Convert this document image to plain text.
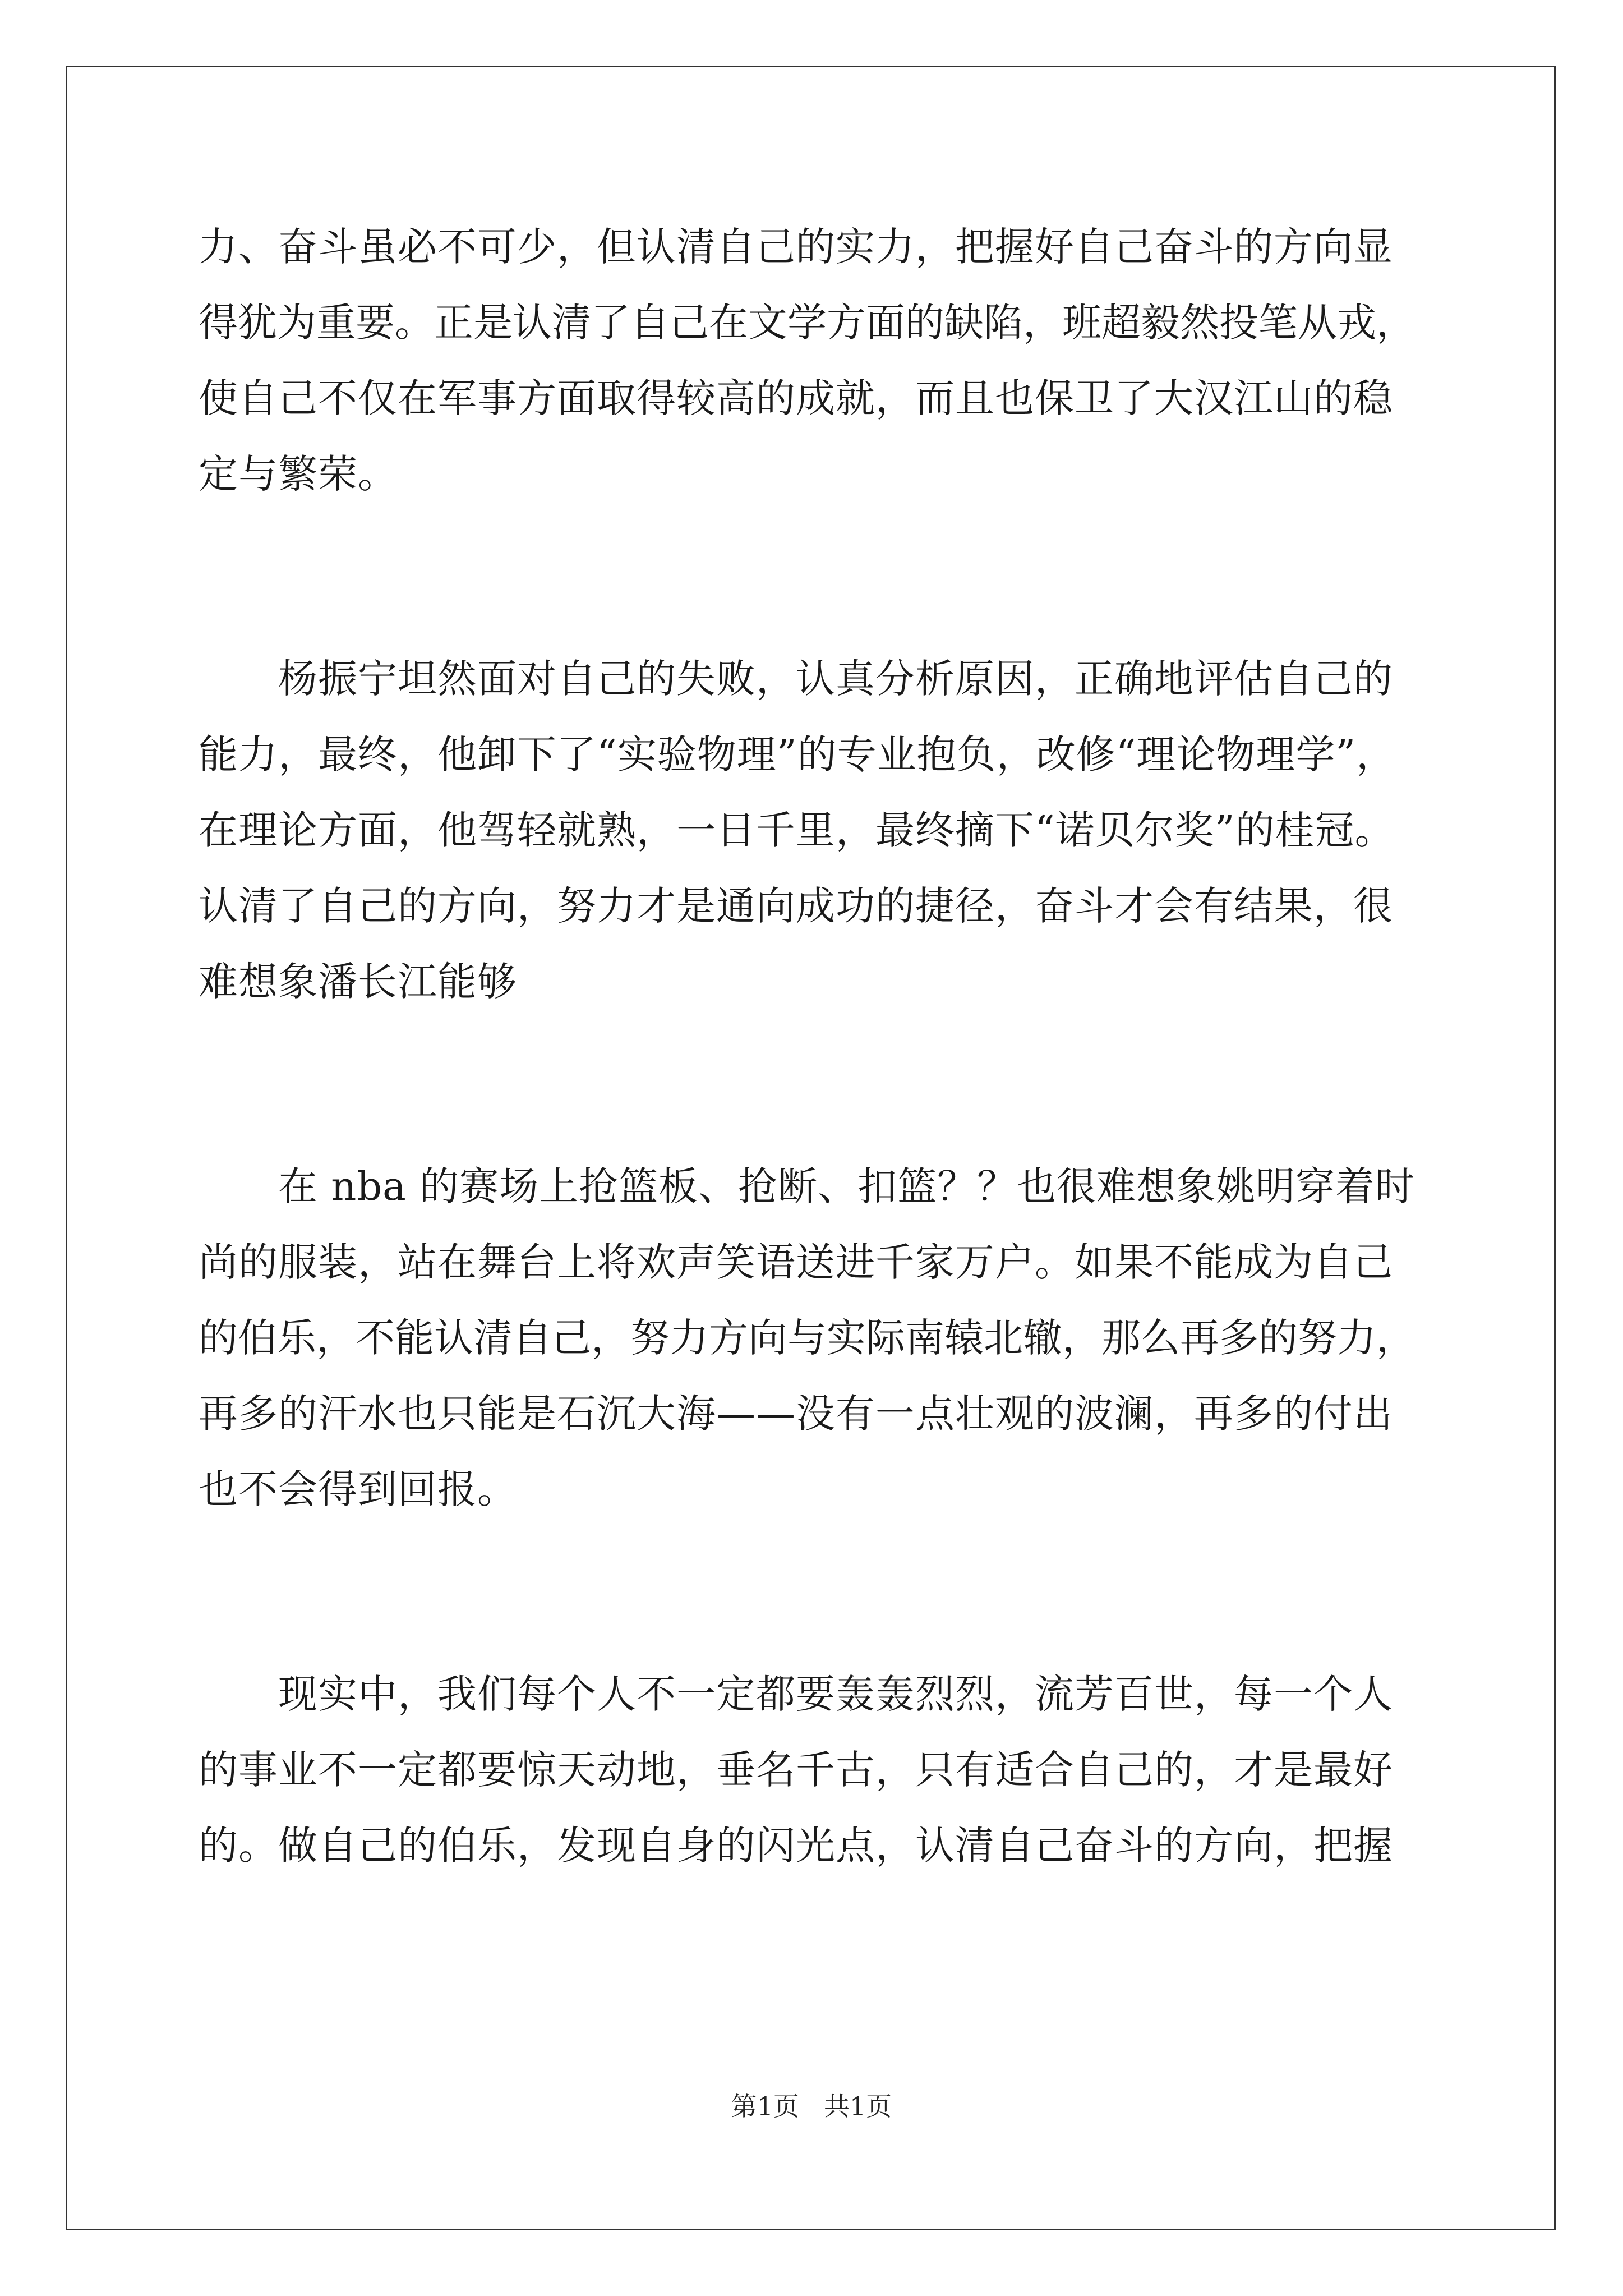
力、奋斗虽必不可少，但认清自己的实力，把握好自己奋斗的方向显
得犹为重要。正是认清了自己在文学方面的缺陷，班超毅然投笔从戎，
使自己不仅在军事方面取得较高的成就，而且也保卫了大汉江山的稳
定与繁荣。
　　杨振宁坦然面对自己的失败，认真分析原因，正确地评估自己的
能力，最终，他卸下了“实验物理”的专业抱负，改修“理论物理学”，
在理论方面，他驾轻就熟，一日千里，最终摘下“诺贝尔奖”的桂冠。
认清了自己的方向，努力才是通向成功的捷径，奋斗才会有结果，很
难想象潘长江能够
　　在 nba 的赛场上抢篮板、抢断、扣篮？？也很难想象姚明穿着时
尚的服装，站在舞台上将欢声笑语送进千家万户。如果不能成为自己
的伯乐，不能认清自己，努力方向与实际南辕北辙，那么再多的努力，
再多的汗水也只能是石沉大海——没有一点壮观的波澜，再多的付出
也不会得到回报。
　　现实中，我们每个人不一定都要轰轰烈烈，流芳百世，每一个人
的事业不一定都要惊天动地，垂名千古，只有适合自己的，才是最好
的。做自己的伯乐，发现自身的闪光点，认清自己奋斗的方向，把握
第1页 共1页
